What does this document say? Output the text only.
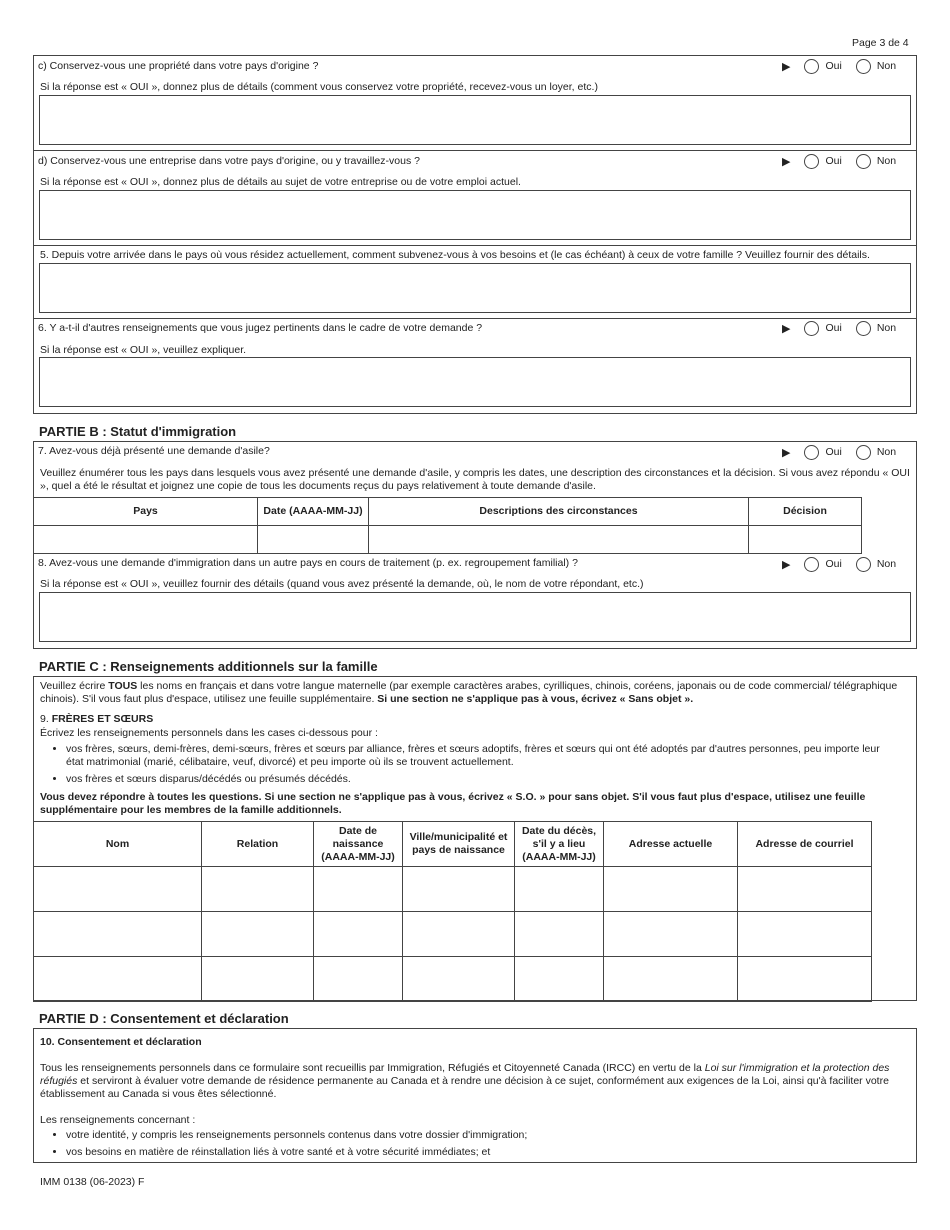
Page 3 de 4
c) Conservez-vous une propriété dans votre pays d'origine ?	▶	Oui	Non
Si la réponse est « OUI », donnez plus de détails (comment vous conservez votre propriété, recevez-vous un loyer, etc.)
d) Conservez-vous une entreprise dans votre pays d'origine, ou y travaillez-vous ?	▶	Oui	Non
Si la réponse est « OUI », donnez plus de détails au sujet de votre entreprise ou de votre emploi actuel.
5. Depuis votre arrivée dans le pays où vous résidez actuellement, comment subvenez-vous à vos besoins et (le cas échéant) à ceux de votre famille ? Veuillez fournir des détails.
6. Y a-t-il d'autres renseignements que vous jugez pertinents dans le cadre de votre demande ?	▶	Oui	Non
Si la réponse est « OUI », veuillez expliquer.
PARTIE B : Statut d'immigration
7. Avez-vous déjà présenté une demande d'asile?	▶	Oui	Non
Veuillez énumérer tous les pays dans lesquels vous avez présenté une demande d'asile, y compris les dates, une description des circonstances et la décision. Si vous avez répondu « OUI », quel a été le résultat et joignez une copie de tous les documents reçus du pays relativement à toute demande d'asile.
Pays	Date (AAAA-MM-JJ)	Descriptions des circonstances	Décision

8. Avez-vous une demande d'immigration dans un autre pays en cours de traitement (p. ex. regroupement familial) ?	▶	Oui	Non
Si la réponse est « OUI », veuillez fournir des détails (quand vous avez présenté la demande, où, le nom de votre répondant, etc.)
PARTIE C : Renseignements additionnels sur la famille
Veuillez écrire TOUS les noms en français et dans votre langue maternelle (par exemple caractères arabes, cyrilliques, chinois, coréens, japonais ou de code commercial/ télégraphique chinois). S'il vous faut plus d'espace, utilisez une feuille supplémentaire. Si une section ne s'applique pas à vous, écrivez « Sans objet ».
9. FRÈRES ET SŒURS
Écrivez les renseignements personnels dans les cases ci-dessous pour :
• vos frères, sœurs, demi-frères, demi-sœurs, frères et sœurs par alliance, frères et sœurs adoptifs, frères et sœurs qui ont été adoptés par d'autres personnes, peu importe leur état matrimonial (marié, célibataire, veuf, divorcé) et peu importe où ils se trouvent actuellement.
• vos frères et sœurs disparus/décédés ou présumés décédés.
Vous devez répondre à toutes les questions. Si une section ne s'applique pas à vous, écrivez « S.O. » pour sans objet. S'il vous faut plus d'espace, utilisez une feuille supplémentaire pour les membres de la famille additionnels.
Nom	Relation	Date de naissance (AAAA-MM-JJ)	Ville/municipalité et pays de naissance	Date du décès, s'il y a lieu (AAAA-MM-JJ)	Adresse actuelle	Adresse de courriel

PARTIE D : Consentement et déclaration
10. Consentement et déclaration
Tous les renseignements personnels dans ce formulaire sont recueillis par Immigration, Réfugiés et Citoyenneté Canada (IRCC) en vertu de la Loi sur l'immigration et la protection des réfugiés et serviront à évaluer votre demande de résidence permanente au Canada et à rendre une décision à ce sujet, conformément aux exigences de la Loi, ainsi qu'à faciliter votre établissement au Canada si vous êtes sélectionné.
Les renseignements concernant :
• votre identité, y compris les renseignements personnels contenus dans votre dossier d'immigration;
• vos besoins en matière de réinstallation liés à votre santé et à votre sécurité immédiates; et
IMM 0138 (06-2023) F
